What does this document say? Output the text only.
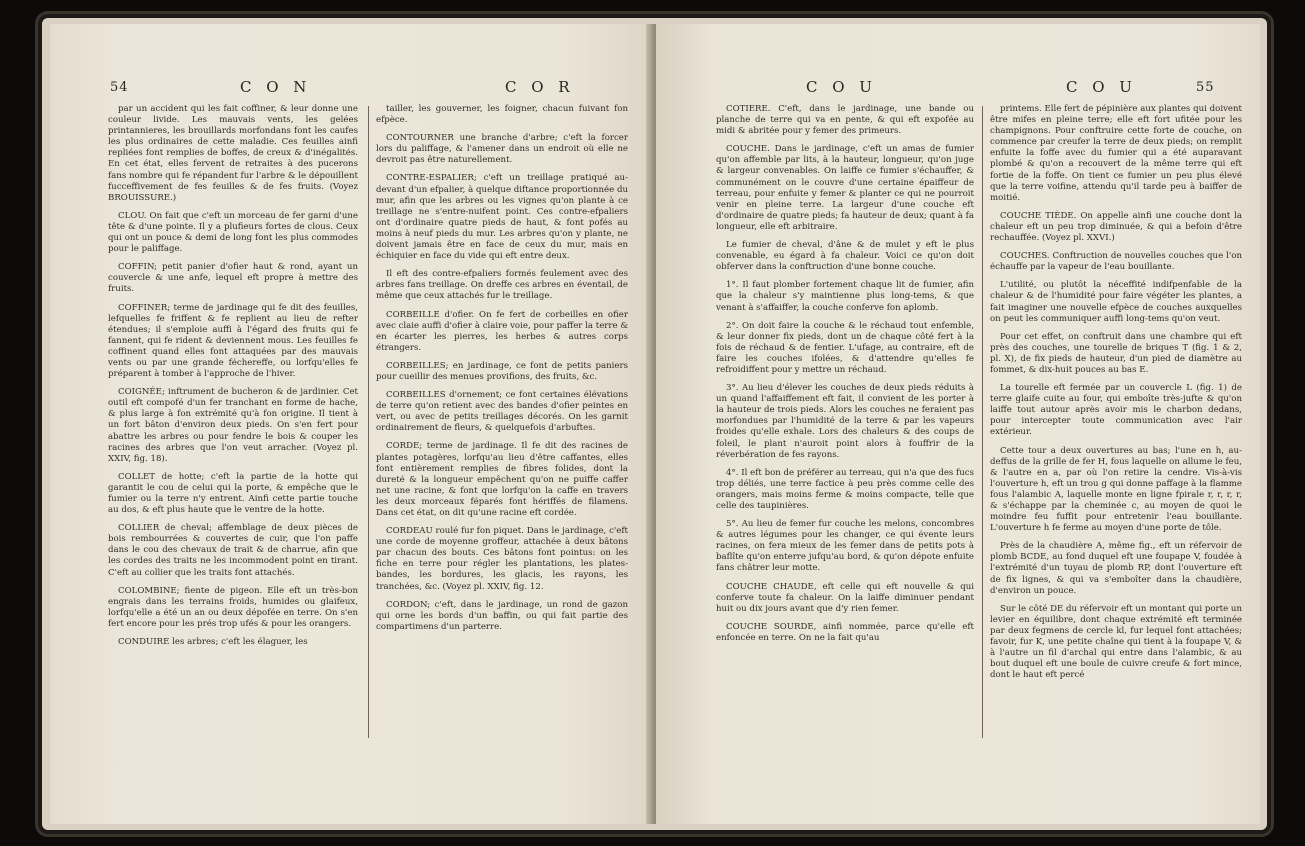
54	C O N	C O R

par un accident qui les fait coffiner, & leur donne une couleur livide. Les mauvais vents, les gelées printannieres, les brouillards morfondans font les caufes les plus ordinaires de cette maladie. Ces feuilles ainfi repliées font remplies de boffes, de creux & d'inégalités. En cet état, elles fervent de retraites à des pucerons fans nombre qui fe répandent fur l'arbre & le dépouillent fucceffivement de fes feuilles & de fes fruits. (Voyez BROUISSURE.)

CLOU. On fait que c'eft un morceau de fer garni d'une tête & d'une pointe. Il y a plufieurs fortes de clous. Ceux qui ont un pouce & demi de long font les plus commodes pour le paliffage.

COFFIN; petit panier d'ofier haut & rond, ayant un couvercle & une anfe, lequel eft propre à mettre des fruits.

COFFINER; terme de jardinage qui fe dit des feuilles, lefquelles fe friffent & fe replient au lieu de refter étendues; il s'emploie auffi à l'égard des fruits qui fe fannent, qui fe rident & deviennent mous. Les feuilles fe coffinent quand elles font attaquées par des mauvais vents ou par une grande féchereffe, ou lorfqu'elles fe préparent à tomber à l'approche de l'hiver.

COIGNÉE; inftrument de bucheron & de jardinier. Cet outil eft compofé d'un fer tranchant en forme de hache, & plus large à fon extrémité qu'à fon origine. Il tient à un fort bâton d'environ deux pieds. On s'en fert pour abattre les arbres ou pour fendre le bois & couper les racines des arbres que l'on veut arracher. (Voyez pl. XXIV, fig. 18).

COLLET de hotte; c'eft la partie de la hotte qui garantit le cou de celui qui la porte, & empêche que le fumier ou la terre n'y entrent. Ainfi cette partie touche au dos, & eft plus haute que le ventre de la hotte.

COLLIER de cheval; affemblage de deux pièces de bois rembourrées & couvertes de cuir, que l'on paffe dans le cou des chevaux de trait & de charrue, afin que les cordes des traits ne les incommodent point en tirant. C'eft au collier que les traits font attachés.

COLOMBINE; fiente de pigeon. Elle eft un très-bon engrais dans les terrains froids, humides ou glaifeux, lorfqu'elle a été un an ou deux dépofée en terre. On s'en fert encore pour les prés trop ufés & pour les orangers.

CONDUIRE les arbres; c'eft les élaguer, les

tailler, les gouverner, les foigner, chacun fuivant fon efpèce.

CONTOURNER une branche d'arbre; c'eft la forcer lors du paliffage, & l'amener dans un endroit où elle ne devroit pas être naturellement.

CONTRE-ESPALIER; c'eft un treillage pratiqué au-devant d'un efpalier, à quelque diftance proportionnée du mur, afin que les arbres ou les vignes qu'on plante à ce treillage ne s'entre-nuifent point. Ces contre-efpaliers ont d'ordinaire quatre pieds de haut, & font pofés au moins à neuf pieds du mur. Les arbres qu'on y plante, ne doivent jamais être en face de ceux du mur, mais en échiquier en face du vide qui eft entre deux.

Il eft des contre-efpaliers formés feulement avec des arbres fans treillage. On dreffe ces arbres en éventail, de même que ceux attachés fur le treillage.

CORBEILLE d'ofier. On fe fert de corbeilles en ofier avec claie auffi d'ofier à claire voie, pour paffer la terre & en écarter les pierres, les herbes & autres corps étrangers.

CORBEILLES; en jardinage, ce font de petits paniers pour cueillir des menues provifions, des fruits, &c.

CORBEILLES d'ornement; ce font certaines élévations de terre qu'on retient avec des bandes d'ofier peintes en vert, ou avec de petits treillages décorés. On les garnit ordinairement de fleurs, & quelquefois d'arbuftes.

CORDE; terme de jardinage. Il fe dit des racines de plantes potagères, lorfqu'au lieu d'être caffantes, elles font entièrement remplies de fibres folides, dont la dureté & la longueur empêchent qu'on ne puiffe caffer net une racine, & font que lorfqu'on la caffe en travers les deux morceaux féparés font hériffés de filamens. Dans cet état, on dit qu'une racine eft cordée.

CORDEAU roulé fur fon piquet. Dans le jardinage, c'eft une corde de moyenne groffeur, attachée à deux bâtons par chacun des bouts. Ces bâtons font pointus: on les fiche en terre pour régler les plantations, les plates-bandes, les bordures, les glacis, les rayons, les tranchées, &c. (Voyez pl. XXIV, fig. 12.

CORDON; c'eft, dans le jardinage, un rond de gazon qui orne les bords d'un baffin, ou qui fait partie des compartimens d'un parterre.

C O U	C O U	55

COTIERE. C'eft, dans le jardinage, une bande ou planche de terre qui va en pente, & qui eft expofée au midi & abritée pour y femer des primeurs.

COUCHE. Dans le jardinage, c'eft un amas de fumier qu'on affemble par lits, à la hauteur, longueur, qu'on juge & largeur convenables. On laiffe ce fumier s'échauffer, & communément on le couvre d'une certaine épaiffeur de terreau, pour enfuite y femer & planter ce qui ne pourroit venir en pleine terre. La largeur d'une couche eft d'ordinaire de quatre pieds; fa hauteur de deux; quant à fa longueur, elle eft arbitraire.

Le fumier de cheval, d'âne & de mulet y eft le plus convenable, eu égard à fa chaleur. Voici ce qu'on doit obferver dans la conftruction d'une bonne couche.

1°. Il faut plomber fortement chaque lit de fumier, afin que la chaleur s'y maintienne plus long-tems, & que venant à s'affaiffer, la couche conferve fon aplomb.

2°. On doit faire la couche & le réchaud tout enfemble, & leur donner fix pieds, dont un de chaque côté fert à la fois de réchaud & de fentier. L'ufage, au contraire, eft de faire les couches ifolées, & d'attendre qu'elles fe refroidiffent pour y mettre un réchaud.

3°. Au lieu d'élever les couches de deux pieds réduits à un quand l'affaiffement eft fait, il convient de les porter à la hauteur de trois pieds. Alors les couches ne feraient pas morfondues par l'humidité de la terre & par les vapeurs froides qu'elle exhale. Lors des chaleurs & des coups de foleil, le plant n'auroit point alors à fouffrir de la réverbération de fes rayons.

4°. Il eft bon de préférer au terreau, qui n'a que des fucs trop déliés, une terre factice à peu près comme celle des orangers, mais moins ferme & moins compacte, telle que celle des taupinières.

5°. Au lieu de femer fur couche les melons, concombres & autres légumes pour les changer, ce qui évente leurs racines, on fera mieux de les femer dans de petits pots à baflîte qu'on enterre jufqu'au bord, & qu'on dépote enfuite fans châtrer leur motte.

COUCHE CHAUDE, eft celle qui eft nouvelle & qui conferve toute fa chaleur. On la laiffe diminuer pendant huit ou dix jours avant que d'y rien femer.

COUCHE SOURDE, ainfi nommée, parce qu'elle eft enfoncée en terre. On ne la fait qu'au

printems. Elle fert de pépinière aux plantes qui doivent être mifes en pleine terre; elle eft fort ufitée pour les champignons. Pour conftruire cette forte de couche, on commence par creufer la terre de deux pieds; on remplit enfuite la foffe avec du fumier qui a été auparavant plombé & qu'on a recouvert de la même terre qui eft fortie de la foffe. On tient ce fumier un peu plus élevé que la terre voifine, attendu qu'il tarde peu à baiffer de moitié.

COUCHE TIÈDE. On appelle ainfi une couche dont la chaleur eft un peu trop diminuée, & qui a befoin d'être rechauffée. (Voyez pl. XXVI.)

COUCHES. Conftruction de nouvelles couches que l'on échauffe par la vapeur de l'eau bouillante.

L'utilité, ou plutôt la néceffité indifpenfable de la chaleur & de l'humidité pour faire végéter les plantes, a fait imaginer une nouvelle efpèce de couches auxquelles on peut les communiquer auffi long-tems qu'on veut.

Pour cet effet, on conftruit dans une chambre qui eft près des couches, une tourelle de briques T (fig. 1 & 2, pl. X), de fix pieds de hauteur, d'un pied de diamètre au fommet, & dix-huit pouces au bas E.

La tourelle eft fermée par un couvercle L (fig. 1) de terre glaife cuite au four, qui emboîte très-jufte & qu'on laiffe tout autour après avoir mis le charbon dedans, pour intercepter toute communication avec l'air extérieur.

Cette tour a deux ouvertures au bas; l'une en h, au-deffus de la grille de fer H, fous laquelle on allume le feu, & l'autre en a, par où l'on retire la cendre. Vis-à-vis l'ouverture h, eft un trou g qui donne paffage à la flamme fous l'alambic A, laquelle monte en ligne fpirale r, r, r, r, & s'échappe par la cheminée c, au moyen de quoi le moindre feu fuffit pour entretenir l'eau bouillante. L'ouverture h fe ferme au moyen d'une porte de tôle.

Près de la chaudière A, même fig., eft un réfervoir de plomb BCDE, au fond duquel eft une foupape V, foudée à l'extrémité d'un tuyau de plomb RP, dont l'ouverture eft de fix lignes, & qui va s'emboîter dans la chaudière, d'environ un pouce.

Sur le côté DE du réfervoir eft un montant qui porte un levier en équilibre, dont chaque extrémité eft terminée par deux fegmens de cercle kl, fur lequel font attachées; favoir, fur K, une petite chaîne qui tient à la foupape V, & à l'autre un fil d'archal qui entre dans l'alambic, & au bout duquel eft une boule de cuivre creufe & fort mince, dont le haut eft percé
